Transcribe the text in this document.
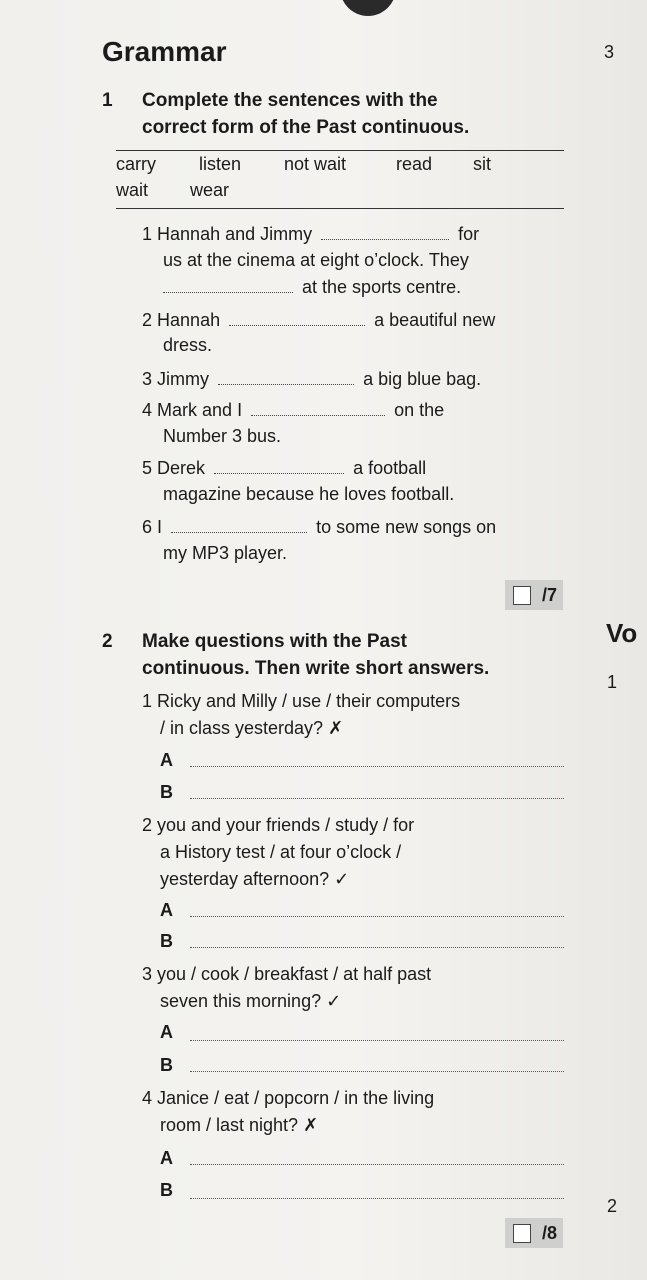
Grammar	3
1 Complete the sentences with the
correct form of the Past continuous.
carry listen not wait	read sit
wait wear
1 Hannah and Jimmy	for
us at the cinema at eight o’clock. They
at the sports centre.
2 Hannah	a beautiful new
dress.
3 Jimmy	a big blue bag.
4 Mark and I	on the
Number 3 bus.
5 Derek	a football
magazine because he loves football.
6 I	to some new songs on
my MP3 player.
/7
2 Make questions with the Past
continuous. Then write short answers.
1 Ricky and Milly / use / their computers
/ in class yesterday? ✗
A
B
2 you and your friends / study / for
a History test / at four o’clock /
yesterday afternoon? ✓
A
B
3 you / cook / breakfast / at half past
seven this morning? ✓
A
B
4 Janice / eat / popcorn / in the living
room / last night? ✗
A
B
/8
Vo
1
2
